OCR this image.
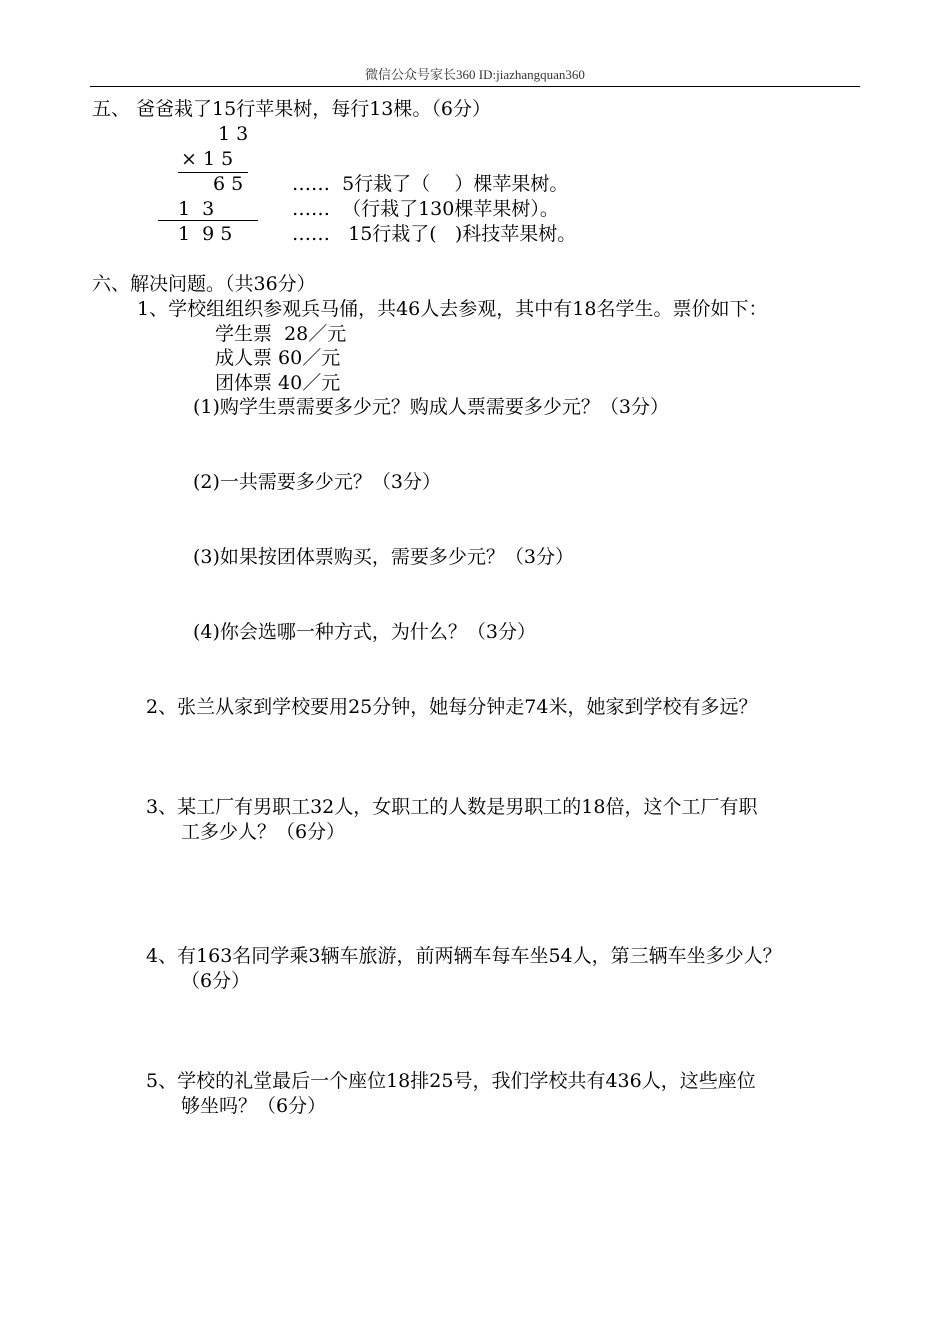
微信公众号家长360 ID:jiazhangquan360
五、 爸爸栽了15行苹果树，每行13棵。（6分）
1 3
× 1 5
6 5
1  3
1  9 5
……  5行栽了（    ）棵苹果树。
……  （行栽了130棵苹果树）。
……   15行栽了(   )科技苹果树。
六、解决问题。（共36分）
1、学校组组织参观兵马俑，共46人去参观，其中有18名学生。票价如下：
学生票  28／元
成人票 60／元
团体票 40／元
(1)购学生票需要多少元？购成人票需要多少元？（3分）
(2)一共需要多少元？（3分）
(3)如果按团体票购买，需要多少元？（3分）
(4)你会选哪一种方式，为什么？（3分）
2、张兰从家到学校要用25分钟，她每分钟走74米，她家到学校有多远？
3、某工厂有男职工32人，女职工的人数是男职工的18倍，这个工厂有职
工多少人？（6分）
4、有163名同学乘3辆车旅游，前两辆车每车坐54人，第三辆车坐多少人？
（6分）
5、学校的礼堂最后一个座位18排25号，我们学校共有436人，这些座位
够坐吗？（6分）
